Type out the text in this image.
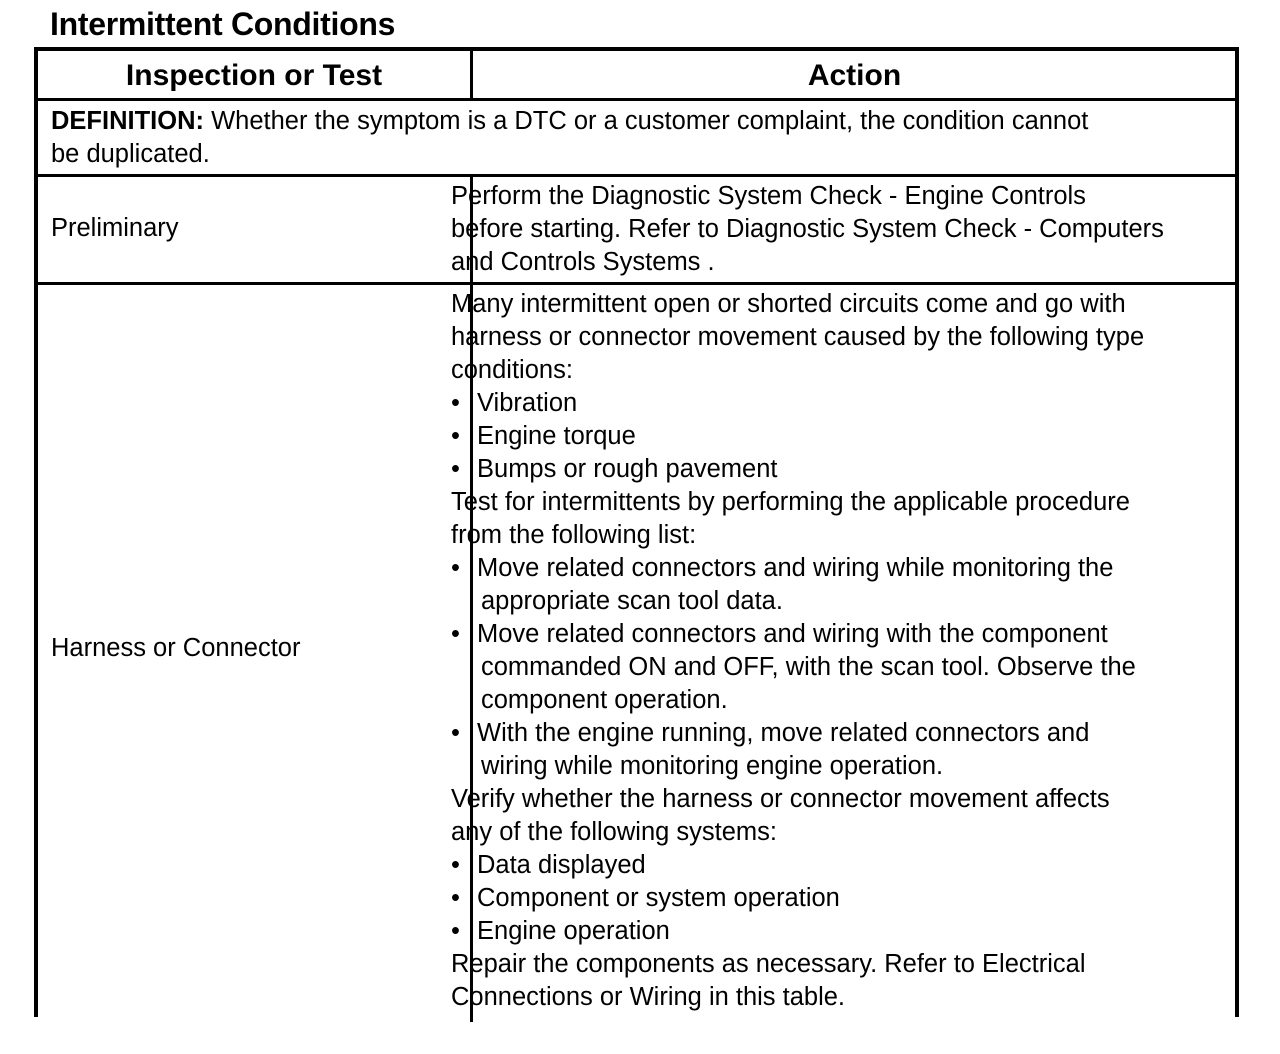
Intermittent Conditions
Inspection or Test	Action
DEFINITION: Whether the symptom is a DTC or a customer complaint, the condition cannot
be duplicated.
Preliminary
Perform the Diagnostic System Check - Engine Controls
before starting. Refer to Diagnostic System Check - Computers
and Controls Systems .
Harness or Connector
Many intermittent open or shorted circuits come and go with
harness or connector movement caused by the following type
conditions:
• Vibration
• Engine torque
• Bumps or rough pavement
Test for intermittents by performing the applicable procedure
from the following list:
• Move related connectors and wiring while monitoring the
appropriate scan tool data.
• Move related connectors and wiring with the component
commanded ON and OFF, with the scan tool. Observe the
component operation.
• With the engine running, move related connectors and
wiring while monitoring engine operation.
Verify whether the harness or connector movement affects
any of the following systems:
• Data displayed
• Component or system operation
• Engine operation
Repair the components as necessary. Refer to Electrical
Connections or Wiring in this table.
